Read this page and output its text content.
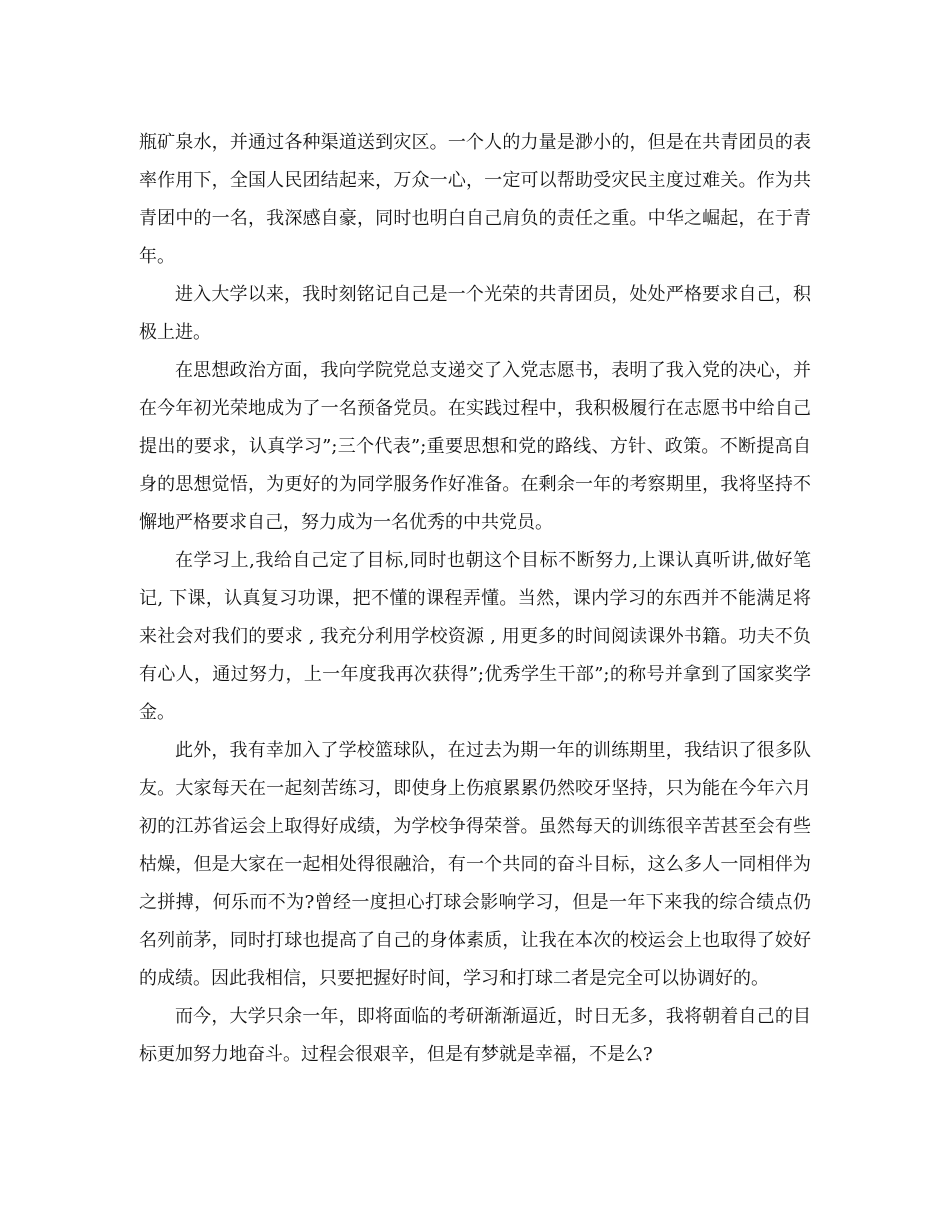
瓶矿泉水，并通过各种渠道送到灾区。一个人的力量是渺小的，但是在共青团员的表率作用下，全国人民团结起来，万众一心，一定可以帮助受灾民主度过难关。作为共青团中的一名，我深感自豪，同时也明白自己肩负的责任之重。中华之崛起，在于青年。

进入大学以来，我时刻铭记自己是一个光荣的共青团员，处处严格要求自己，积极上进。

在思想政治方面，我向学院党总支递交了入党志愿书，表明了我入党的决心，并在今年初光荣地成为了一名预备党员。在实践过程中，我积极履行在志愿书中给自己提出的要求，认真学习”;三个代表”;重要思想和党的路线、方针、政策。不断提高自身的思想觉悟，为更好的为同学服务作好准备。在剩余一年的考察期里，我将坚持不懈地严格要求自己，努力成为一名优秀的中共党员。

在学习上,我给自己定了目标,同时也朝这个目标不断努力,上课认真听讲,做好笔记, 下课，认真复习功课，把不懂的课程弄懂。当然，课内学习的东西并不能满足将来社会对我们的要求 , 我充分利用学校资源 , 用更多的时间阅读课外书籍。功夫不负有心人，通过努力，上一年度我再次获得”;优秀学生干部”;的称号并拿到了国家奖学金。

此外，我有幸加入了学校篮球队，在过去为期一年的训练期里，我结识了很多队友。大家每天在一起刻苦练习，即使身上伤痕累累仍然咬牙坚持，只为能在今年六月初的江苏省运会上取得好成绩，为学校争得荣誉。虽然每天的训练很辛苦甚至会有些枯燥，但是大家在一起相处得很融洽，有一个共同的奋斗目标，这么多人一同相伴为之拼搏，何乐而不为?曾经一度担心打球会影响学习，但是一年下来我的综合绩点仍名列前茅，同时打球也提高了自己的身体素质，让我在本次的校运会上也取得了姣好的成绩。因此我相信，只要把握好时间，学习和打球二者是完全可以协调好的。

而今，大学只余一年，即将面临的考研渐渐逼近，时日无多，我将朝着自己的目标更加努力地奋斗。过程会很艰辛，但是有梦就是幸福，不是么?
